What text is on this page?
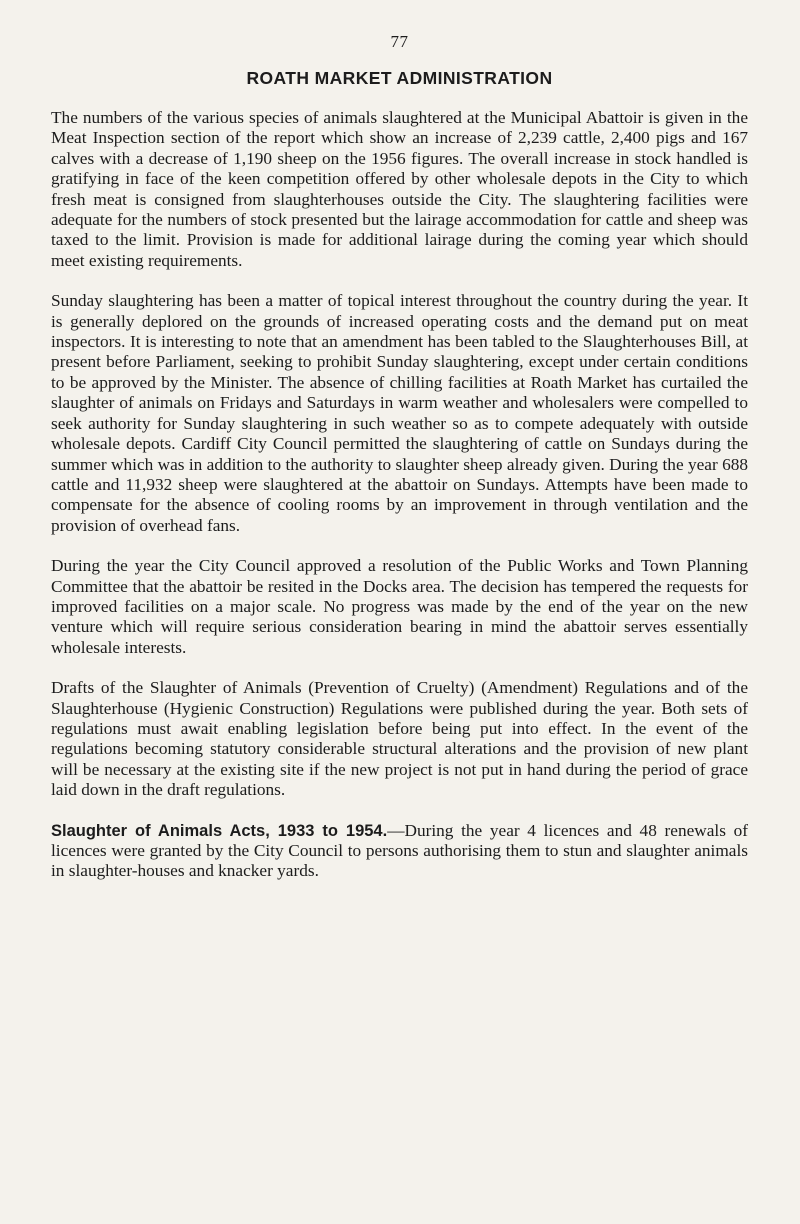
77
ROATH MARKET ADMINISTRATION

The numbers of the various species of animals slaughtered at the Municipal Abattoir is given in the Meat Inspection section of the report which show an increase of 2,239 cattle, 2,400 pigs and 167 calves with a decrease of 1,190 sheep on the 1956 figures. The overall increase in stock handled is gratifying in face of the keen competition offered by other wholesale depots in the City to which fresh meat is consigned from slaughterhouses outside the City. The slaughtering facilities were adequate for the numbers of stock presented but the lairage accommodation for cattle and sheep was taxed to the limit. Provision is made for additional lairage during the coming year which should meet existing requirements.

Sunday slaughtering has been a matter of topical interest throughout the country during the year. It is generally deplored on the grounds of increased operating costs and the demand put on meat inspectors. It is interesting to note that an amendment has been tabled to the Slaughterhouses Bill, at present before Parliament, seeking to prohibit Sunday slaughtering, except under certain conditions to be approved by the Minister. The absence of chilling facilities at Roath Market has curtailed the slaughter of animals on Fridays and Saturdays in warm weather and wholesalers were compelled to seek authority for Sunday slaughtering in such weather so as to compete adequately with outside wholesale depots. Cardiff City Council permitted the slaughtering of cattle on Sundays during the summer which was in addition to the authority to slaughter sheep already given. During the year 688 cattle and 11,932 sheep were slaughtered at the abattoir on Sundays. Attempts have been made to compensate for the absence of cooling rooms by an improvement in through ventilation and the provision of overhead fans.

During the year the City Council approved a resolution of the Public Works and Town Planning Committee that the abattoir be resited in the Docks area. The decision has tempered the requests for improved facilities on a major scale. No progress was made by the end of the year on the new venture which will require serious consideration bearing in mind the abattoir serves essentially wholesale interests.

Drafts of the Slaughter of Animals (Prevention of Cruelty) (Amendment) Regulations and of the Slaughterhouse (Hygienic Construction) Regulations were published during the year. Both sets of regulations must await enabling legislation before being put into effect. In the event of the regulations becoming statutory considerable structural alterations and the provision of new plant will be necessary at the existing site if the new project is not put in hand during the period of grace laid down in the draft regulations.

Slaughter of Animals Acts, 1933 to 1954.—During the year 4 licences and 48 renewals of licences were granted by the City Council to persons authorising them to stun and slaughter animals in slaughter-houses and knacker yards.
